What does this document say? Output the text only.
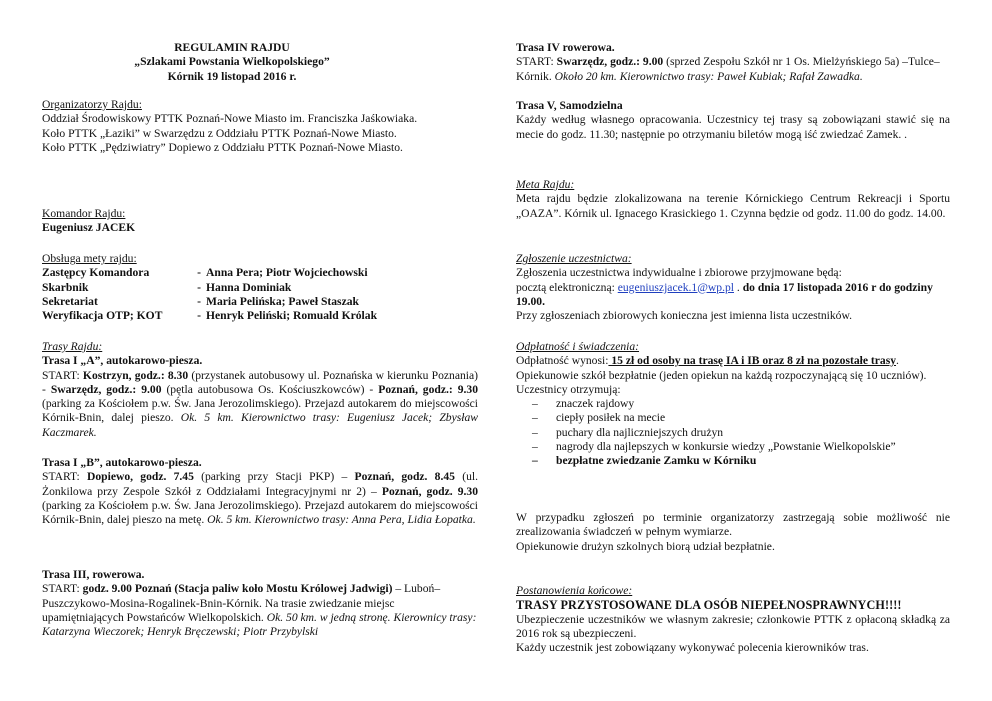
REGULAMIN RAJDU

„Szlakami Powstania Wielkopolskiego”

Kórnik 19 listopad 2016 r.

Organizatorzy Rajdu:

Oddział Środowiskowy PTTK Poznań-Nowe Miasto im. Franciszka Jaśkowiaka.

Koło PTTK „Łaziki” w Swarzędzu z Oddziału PTTK Poznań-Nowe Miasto.

Koło PTTK „Pędziwiatry” Dopiewo z Oddziału PTTK Poznań-Nowe Miasto.

Komandor Rajdu:

Eugeniusz JACEK

Obsługa mety rajdu:

Zastępcy Komandora	-	Anna Pera; Piotr Wojciechowski
Skarbnik	-	Hanna Dominiak
Sekretariat	-	Maria Pelińska; Paweł Staszak
Weryfikacja OTP; KOT	-	Henryk Peliński; Romuald Królak

Trasy Rajdu:

Trasa I „A”, autokarowo-piesza.

START: Kostrzyn, godz.: 8.30 (przystanek autobusowy ul. Poznańska w kierunku Poznania) - Swarzędz, godz.: 9.00 (pętla autobusowa Os. Kościuszkowców) - Poznań, godz.: 9.30 (parking za Kościołem p.w. Św. Jana Jerozolimskiego). Przejazd autokarem do miejscowości Kórnik-Bnin, dalej pieszo. Ok. 5 km. Kierownictwo trasy: Eugeniusz Jacek; Zbysław Kaczmarek.

Trasa I „B”, autokarowo-piesza.

START: Dopiewo, godz. 7.45 (parking przy Stacji PKP) – Poznań, godz. 8.45 (ul. Żonkilowa przy Zespole Szkół z Oddziałami Integracyjnymi nr 2) – Poznań, godz. 9.30 (parking za Kościołem p.w. Św. Jana Jerozolimskiego). Przejazd autokarem do miejscowości Kórnik-Bnin, dalej pieszo na metę. Ok. 5 km. Kierownictwo trasy: Anna Pera, Lidia Łopatka.

Trasa III, rowerowa.

START: godz. 9.00 Poznań (Stacja paliw koło Mostu Królowej Jadwigi) – Luboń–Puszczykowo-Mosina-Rogalinek-Bnin-Kórnik. Na trasie zwiedzanie miejsc upamiętniających Powstańców Wielkopolskich. Ok. 50 km. w jedną stronę. Kierownicy trasy: Katarzyna Wieczorek; Henryk Bręczewski; Piotr Przybylski

Trasa IV rowerowa.

START: Swarzędz, godz.: 9.00 (sprzed Zespołu Szkół nr 1 Os. Mielżyńskiego 5a) –Tulce–Kórnik. Około 20 km. Kierownictwo trasy: Paweł Kubiak; Rafał Zawadka.

Trasa V, Samodzielna

Każdy według własnego opracowania. Uczestnicy tej trasy są zobowiązani stawić się na mecie do godz. 11.30; następnie po otrzymaniu biletów mogą iść zwiedzać Zamek. .

Meta Rajdu:

Meta rajdu będzie zlokalizowana na terenie Kórnickiego Centrum Rekreacji i Sportu „OAZA”. Kórnik ul. Ignacego Krasickiego 1. Czynna będzie od godz. 11.00 do godz. 14.00.

Zgłoszenie uczestnictwa:

Zgłoszenia uczestnictwa indywidualne i zbiorowe przyjmowane będą:

pocztą elektroniczną: eugeniuszjacek.1@wp.pl . do dnia 17 listopada 2016 r do godziny 19.00.

Przy zgłoszeniach zbiorowych konieczna jest imienna lista uczestników.

Odpłatność i świadczenia:

Odpłatność wynosi: 15 zł od osoby na trasę IA i IB oraz 8 zł na pozostałe trasy.

Opiekunowie szkół bezpłatnie (jeden opiekun na każdą rozpoczynającą się 10 uczniów).

Uczestnicy otrzymują:

– znaczek rajdowy
– ciepły posiłek na mecie
– puchary dla najliczniejszych drużyn
– nagrody dla najlepszych w konkursie wiedzy „Powstanie Wielkopolskie”
– bezpłatne zwiedzanie Zamku w Kórniku

W przypadku zgłoszeń po terminie organizatorzy zastrzegają sobie możliwość nie zrealizowania świadczeń w pełnym wymiarze.

Opiekunowie drużyn szkolnych biorą udział bezpłatnie.

Postanowienia końcowe:

TRASY PRZYSTOSOWANE DLA OSÓB NIEPEŁNOSPRAWNYCH!!!!

Ubezpieczenie uczestników we własnym zakresie; członkowie PTTK z opłaconą składką za 2016 rok są ubezpieczeni.

Każdy uczestnik jest zobowiązany wykonywać polecenia kierowników tras.
